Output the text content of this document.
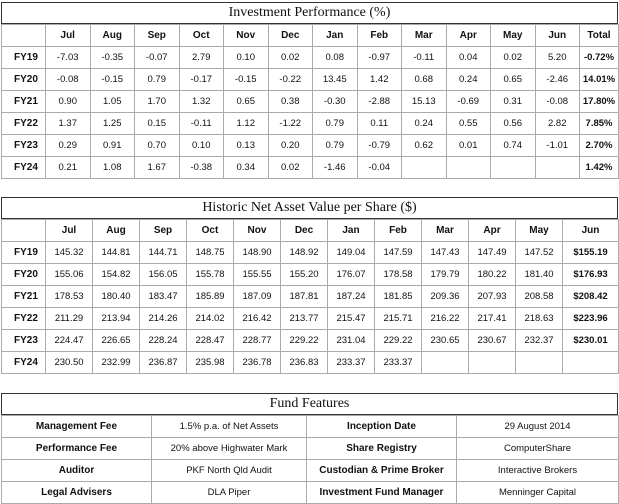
Investment Performance (%)
	Jul	Aug	Sep	Oct	Nov	Dec	Jan	Feb	Mar	Apr	May	Jun	Total
FY19	-7.03	-0.35	-0.07	2.79	0.10	0.02	0.08	-0.97	-0.11	0.04	0.02	5.20	-0.72%
FY20	-0.08	-0.15	0.79	-0.17	-0.15	-0.22	13.45	1.42	0.68	0.24	0.65	-2.46	14.01%
FY21	0.90	1.05	1.70	1.32	0.65	0.38	-0.30	-2.88	15.13	-0.69	0.31	-0.08	17.80%
FY22	1.37	1.25	0.15	-0.11	1.12	-1.22	0.79	0.11	0.24	0.55	0.56	2.82	7.85%
FY23	0.29	0.91	0.70	0.10	0.13	0.20	0.79	-0.79	0.62	0.01	0.74	-1.01	2.70%
FY24	0.21	1.08	1.67	-0.38	0.34	0.02	-1.46	-0.04					1.42%
Historic Net Asset Value per Share ($)
	Jul	Aug	Sep	Oct	Nov	Dec	Jan	Feb	Mar	Apr	May	Jun
FY19	145.32	144.81	144.71	148.75	148.90	148.92	149.04	147.59	147.43	147.49	147.52	$155.19
FY20	155.06	154.82	156.05	155.78	155.55	155.20	176.07	178.58	179.79	180.22	181.40	$176.93
FY21	178.53	180.40	183.47	185.89	187.09	187.81	187.24	181.85	209.36	207.93	208.58	$208.42
FY22	211.29	213.94	214.26	214.02	216.42	213.77	215.47	215.71	216.22	217.41	218.63	$223.96
FY23	224.47	226.65	228.24	228.47	228.77	229.22	231.04	229.22	230.65	230.67	232.37	$230.01
FY24	230.50	232.99	236.87	235.98	236.78	236.83	233.37	233.37				
Fund Features
Management Fee	1.5% p.a. of Net Assets	Inception Date	29 August 2014
Performance Fee	20% above Highwater Mark	Share Registry	ComputerShare
Auditor	PKF North Qld Audit	Custodian & Prime Broker	Interactive Brokers
Legal Advisers	DLA Piper	Investment Fund Manager	Menninger Capital
